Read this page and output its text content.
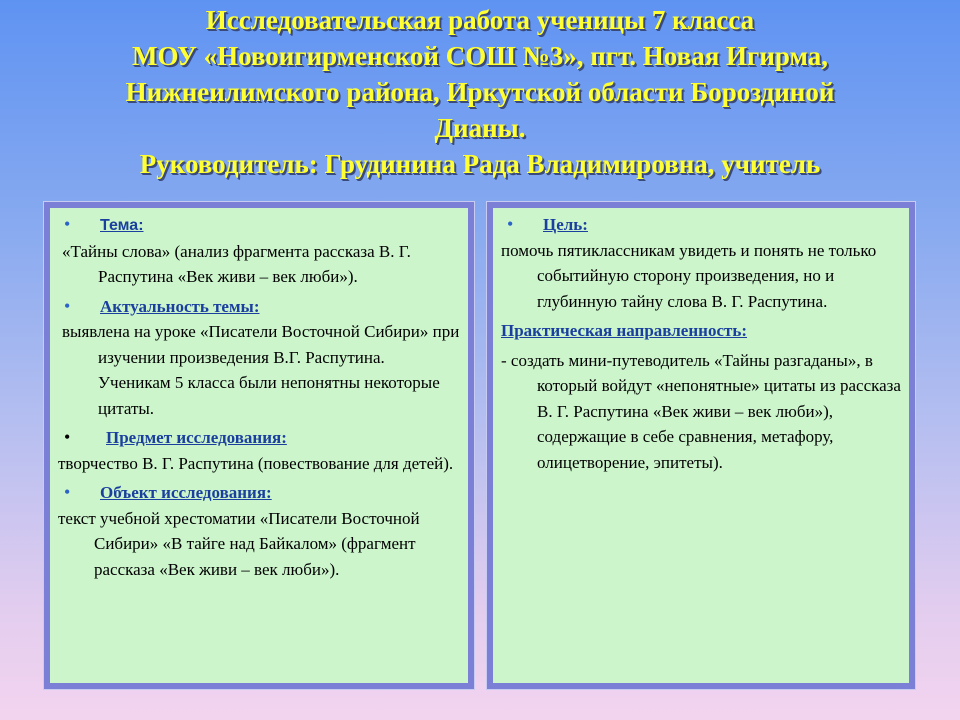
Исследовательская работа ученицы 7 класса
МОУ «Новоигирменской СОШ №3», пгт. Новая Игирма,
Нижнеилимского района, Иркутской области Бороздиной
Дианы.
Руководитель: Грудинина Рада Владимировна, учитель
•	Тема:
«Тайны слова» (анализ фрагмента рассказа В. Г. Распутина «Век живи – век люби»).
•	Актуальность темы:
выявлена на уроке «Писатели Восточной Сибири» при изучении произведения В.Г. Распутина. Ученикам 5 класса были непонятны некоторые цитаты.
•	Предмет исследования:
творчество В. Г. Распутина (повествование для детей).
•	Объект исследования:
текст учебной хрестоматии «Писатели Восточной Сибири» «В тайге над Байкалом» (фрагмент рассказа «Век живи – век люби»).
•	Цель:
помочь пятиклассникам увидеть и понять не только событийную сторону произведения, но и глубинную тайну слова В. Г. Распутина.
Практическая направленность:
- создать мини-путеводитель «Тайны разгаданы», в который войдут «непонятные» цитаты из рассказа В. Г. Распутина «Век живи – век люби»), содержащие в себе сравнения, метафору, олицетворение, эпитеты).
